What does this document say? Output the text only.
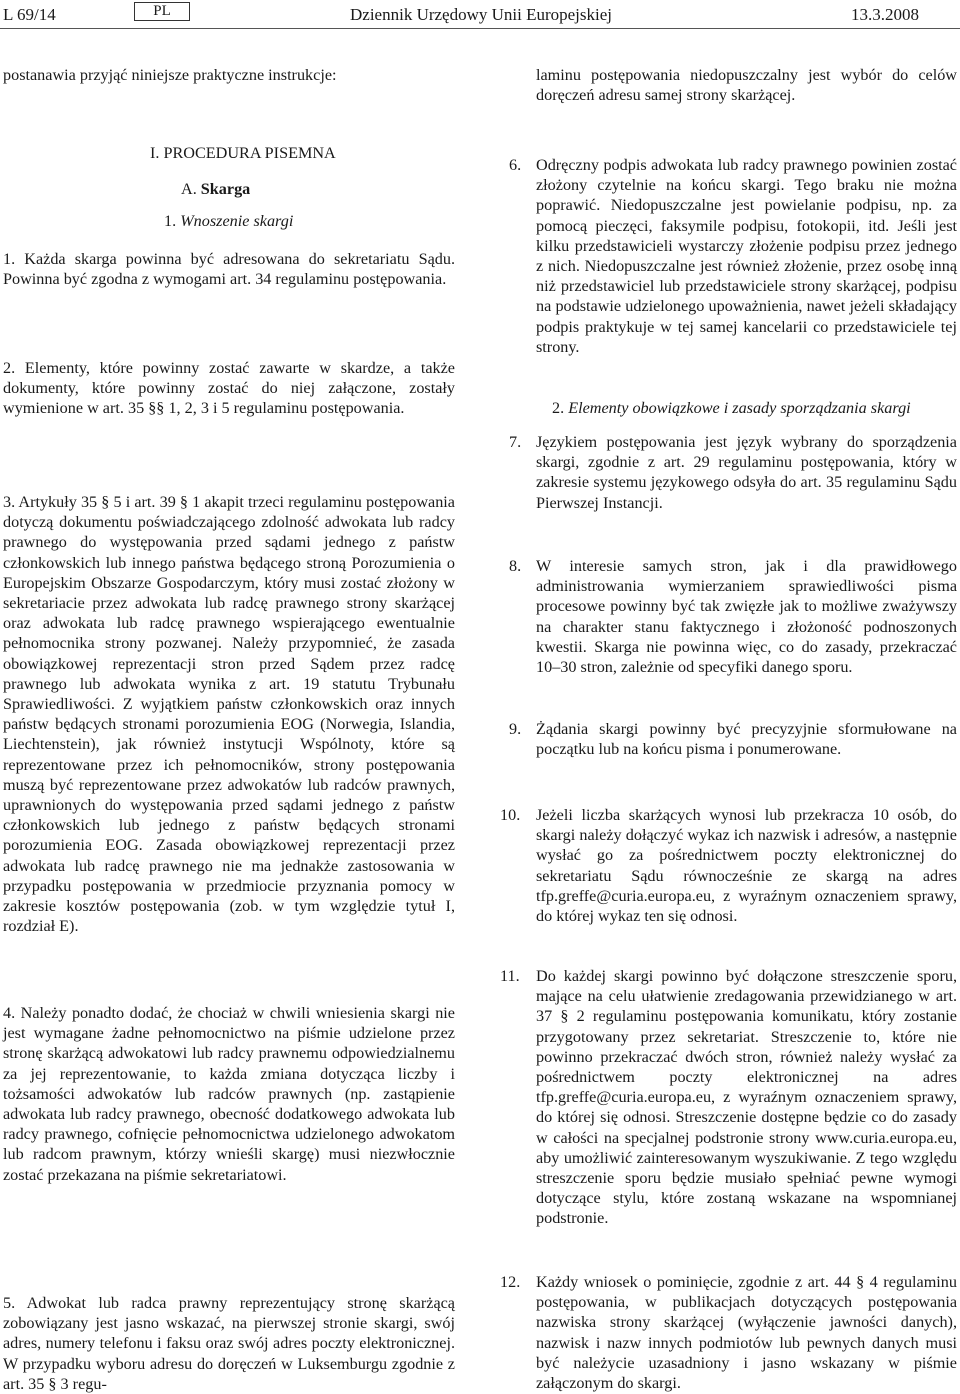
L 69/14	PL	Dziennik Urzędowy Unii Europejskiej	13.3.2008
postanawia przyjąć niniejsze praktyczne instrukcje:
I. PROCEDURA PISEMNA
A. Skarga
1. Wnoszenie skargi
1. Każda skarga powinna być adresowana do sekretariatu Sądu. Powinna być zgodna z wymogami art. 34 regulaminu postępowania.
2. Elementy, które powinny zostać zawarte w skardze, a także dokumenty, które powinny zostać do niej załączone, zostały wymienione w art. 35 §§ 1, 2, 3 i 5 regulaminu postępowania.
3. Artykuły 35 § 5 i art. 39 § 1 akapit trzeci regulaminu postępowania dotyczą dokumentu poświadczającego zdolność adwokata lub radcy prawnego do występowania przed sądami jednego z państw członkowskich lub innego państwa będącego stroną Porozumienia o Europejskim Obszarze Gospodarczym, który musi zostać złożony w sekretariacie przez adwokata lub radcę prawnego strony skarżącej oraz adwokata lub radcę prawnego wspierającego ewentualnie pełnomocnika strony pozwanej. Należy przypomnieć, że zasada obowiązkowej reprezentacji stron przed Sądem przez radcę prawnego lub adwokata wynika z art. 19 statutu Trybunału Sprawiedliwości. Z wyjątkiem państw członkowskich oraz innych państw będących stronami porozumienia EOG (Norwegia, Islandia, Liechtenstein), jak również instytucji Wspólnoty, które są reprezentowane przez ich pełnomocników, strony postępowania muszą być reprezentowane przez adwokatów lub radców prawnych, uprawnionych do występowania przed sądami jednego z państw członkowskich lub jednego z państw będących stronami porozumienia EOG. Zasada obowiązkowej reprezentacji przez adwokata lub radcę prawnego nie ma jednakże zastosowania w przypadku postępowania w przedmiocie przyznania pomocy w zakresie kosztów postępowania (zob. w tym względzie tytuł I, rozdział E).
4. Należy ponadto dodać, że chociaż w chwili wniesienia skargi nie jest wymagane żadne pełnomocnictwo na piśmie udzielone przez stronę skarżącą adwokatowi lub radcy prawnemu odpowiedzialnemu za jej reprezentowanie, to każda zmiana dotycząca liczby i tożsamości adwokatów lub radców prawnych (np. zastąpienie adwokata lub radcy prawnego, obecność dodatkowego adwokata lub radcy prawnego, cofnięcie pełnomocnictwa udzielonego adwokatom lub radcom prawnym, którzy wnieśli skargę) musi niezwłocznie zostać przekazana na piśmie sekretariatowi.
5. Adwokat lub radca prawny reprezentujący stronę skarżącą zobowiązany jest jasno wskazać, na pierwszej stronie skargi, swój adres, numery telefonu i faksu oraz swój adres poczty elektronicznej. W przypadku wyboru adresu do doręczeń w Luksemburgu zgodnie z art. 35 § 3 regu-
laminu postępowania niedopuszczalny jest wybór do celów doręczeń adresu samej strony skarżącej.
6. Odręczny podpis adwokata lub radcy prawnego powinien zostać złożony czytelnie na końcu skargi. Tego braku nie można poprawić. Niedopuszczalne jest powielanie podpisu, np. za pomocą pieczęci, faksymile podpisu, fotokopii, itd. Jeśli jest kilku przedstawicieli wystarczy złożenie podpisu przez jednego z nich. Niedopuszczalne jest również złożenie, przez osobę inną niż przedstawiciel lub przedstawiciele strony skarżącej, podpisu na podstawie udzielonego upoważnienia, nawet jeżeli składający podpis praktykuje w tej samej kancelarii co przedstawiciele tej strony.
2. Elementy obowiązkowe i zasady sporządzania skargi
7. Językiem postępowania jest język wybrany do sporządzenia skargi, zgodnie z art. 29 regulaminu postępowania, który w zakresie systemu językowego odsyła do art. 35 regulaminu Sądu Pierwszej Instancji.
8. W interesie samych stron, jak i dla prawidłowego administrowania wymierzaniem sprawiedliwości pisma procesowe powinny być tak zwięzłe jak to możliwe zważywszy na charakter stanu faktycznego i złożoność podnoszonych kwestii. Skarga nie powinna więc, co do zasady, przekraczać 10–30 stron, zależnie od specyfiki danego sporu.
9. Żądania skargi powinny być precyzyjnie sformułowane na początku lub na końcu pisma i ponumerowane.
10. Jeżeli liczba skarżących wynosi lub przekracza 10 osób, do skargi należy dołączyć wykaz ich nazwisk i adresów, a następnie wysłać go za pośrednictwem poczty elektronicznej do sekretariatu Sądu równocześnie ze skargą na adres tfp.greffe@curia.europa.eu, z wyraźnym oznaczeniem sprawy, do której wykaz ten się odnosi.
11.	Do każdej skargi powinno być dołączone streszczenie sporu, mające na celu ułatwienie zredagowania przewidzianego w art. 37 § 2 regulaminu postępowania komunikatu, który zostanie przygotowany przez sekretariat. Streszczenie to, które nie powinno przekraczać dwóch stron, również należy wysłać za pośrednictwem poczty elektronicznej na adres tfp.greffe@curia.europa.eu, z wyraźnym oznaczeniem sprawy, do której się odnosi. Streszczenie dostępne będzie co do zasady w całości na specjalnej podstronie strony www.curia.europa.eu, aby umożliwić zainteresowanym wyszukiwanie. Z tego względu streszczenie sporu będzie musiało spełniać pewne wymogi dotyczące stylu, które zostaną wskazane na wspomnianej podstronie.
12. Każdy wniosek o pominięcie, zgodnie z art. 44 § 4 regulaminu postępowania, w publikacjach dotyczących postępowania nazwiska strony skarżącej (wyłączenie jawności danych), nazwisk i nazw innych podmiotów lub pewnych danych musi być należycie uzasadniony i jasno wskazany w piśmie załączonym do skargi.
